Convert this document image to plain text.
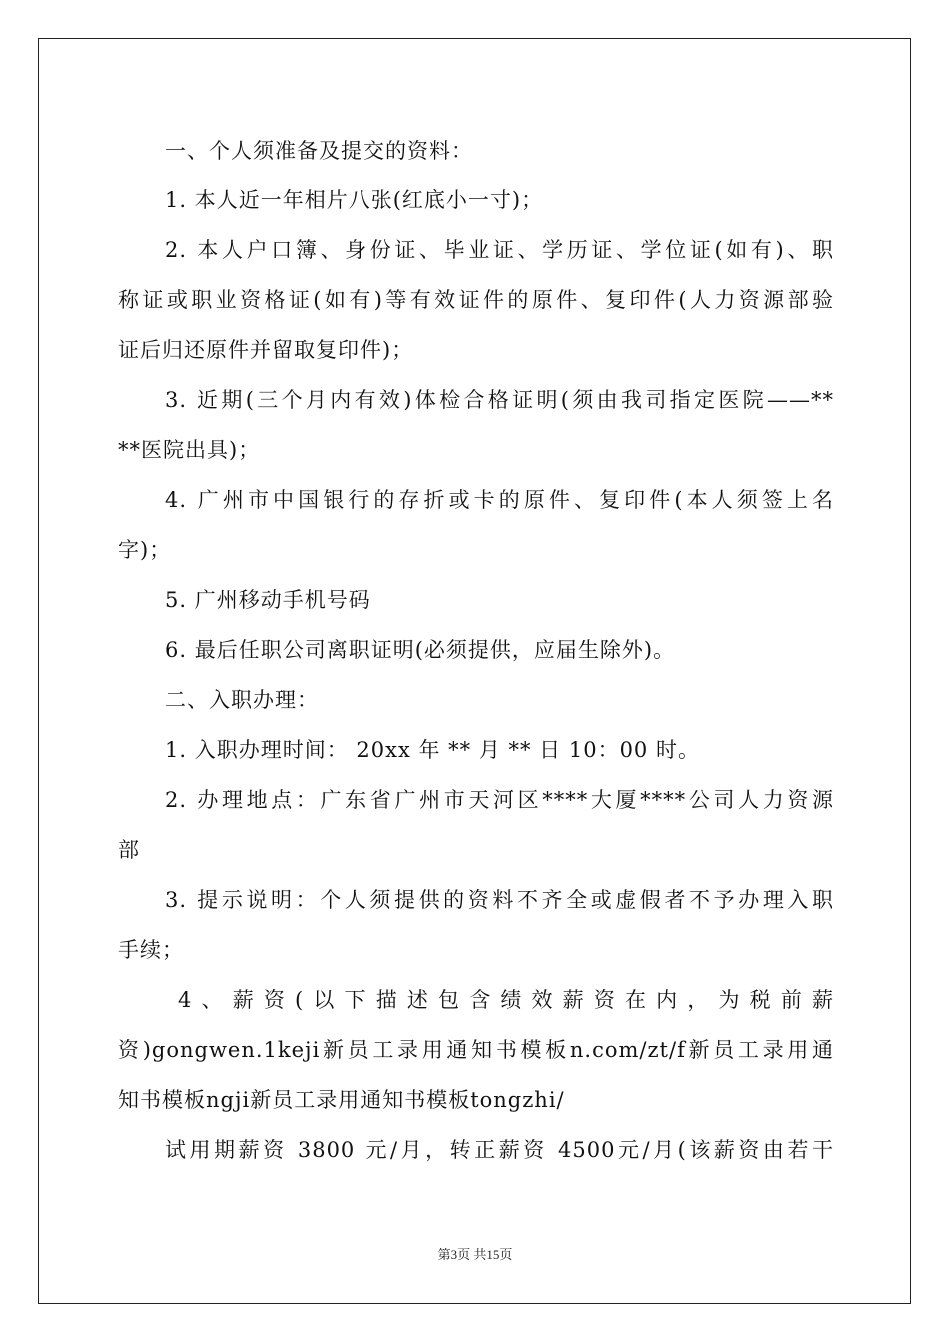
一、个人须准备及提交的资料：
1. 本人近一年相片八张(红底小一寸)；
2. 本人户口簿、身份证、毕业证、学历证、学位证(如有)、职
称证或职业资格证(如有)等有效证件的原件、复印件(人力资源部验
证后归还原件并留取复印件)；
3. 近期(三个月内有效)体检合格证明(须由我司指定医院——**
**医院出具)；
4. 广州市中国银行的存折或卡的原件、复印件(本人须签上名
字)；
5. 广州移动手机号码
6. 最后任职公司离职证明(必须提供，应届生除外)。
二、入职办理：
1. 入职办理时间： 20xx 年 ** 月 ** 日 10：00 时。
2. 办理地点：广东省广州市天河区****大厦****公司人力资源
部
3. 提示说明：个人须提供的资料不齐全或虚假者不予办理入职
手续；
4、薪资(以下描述包含绩效薪资在内，为税前薪
资)gongwen.1keji新员工录用通知书模板n.com/zt/f新员工录用通
知书模板ngji新员工录用通知书模板tongzhi/
试用期薪资 3800 元/月，转正薪资 4500元/月(该薪资由若干
第3页 共15页
